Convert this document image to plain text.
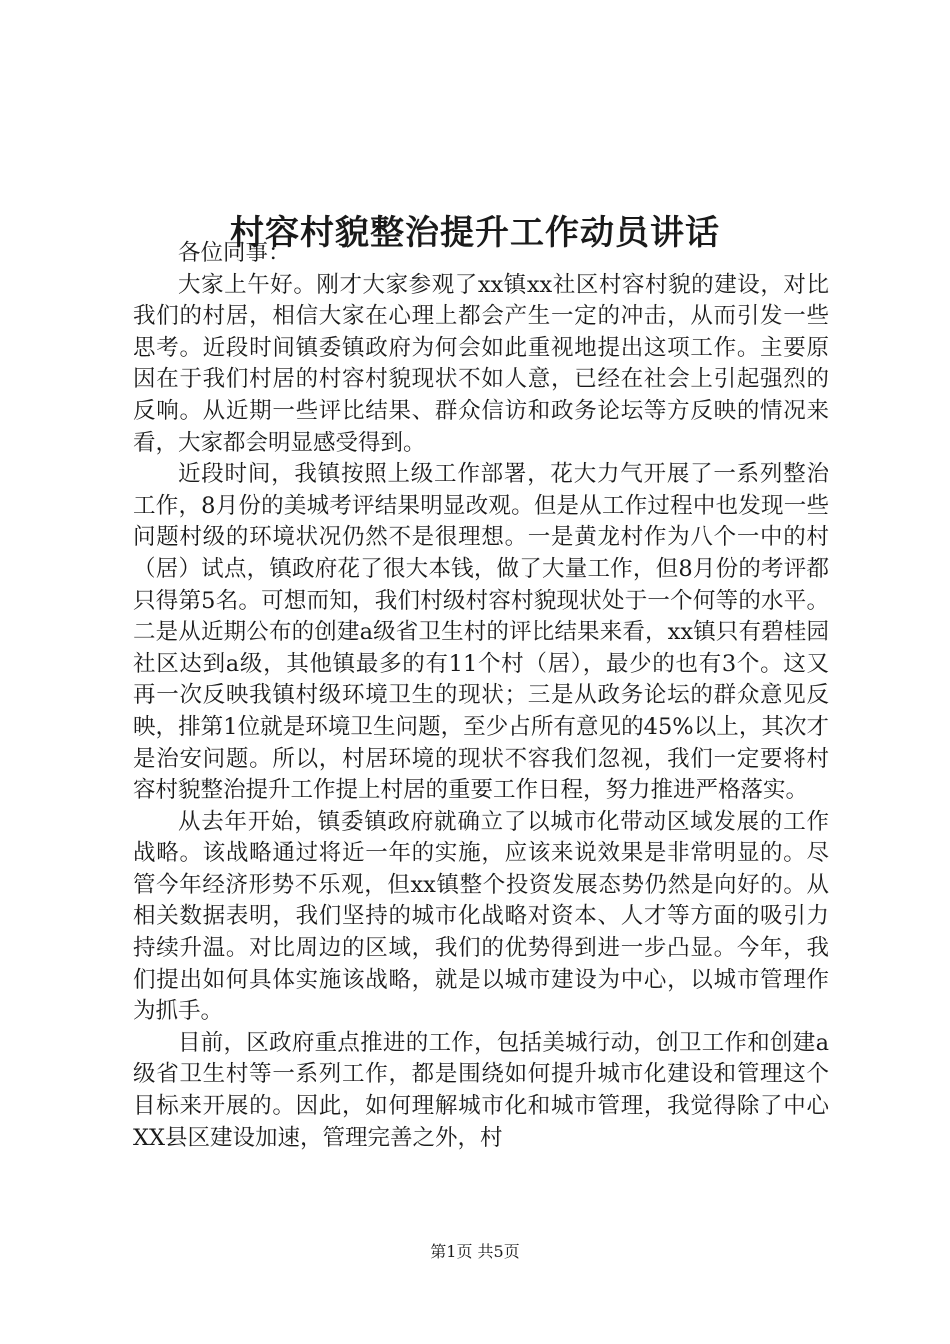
村容村貌整治提升工作动员讲话

各位同事：

大家上午好。刚才大家参观了xx镇xx社区村容村貌的建设，对比我们的村居，相信大家在心理上都会产生一定的冲击，从而引发一些思考。近段时间镇委镇政府为何会如此重视地提出这项工作。主要原因在于我们村居的村容村貌现状不如人意，已经在社会上引起强烈的反响。从近期一些评比结果、群众信访和政务论坛等方反映的情况来看，大家都会明显感受得到。

近段时间，我镇按照上级工作部署，花大力气开展了一系列整治工作，8月份的美城考评结果明显改观。但是从工作过程中也发现一些问题村级的环境状况仍然不是很理想。一是黄龙村作为八个一中的村（居）试点，镇政府花了很大本钱，做了大量工作，但8月份的考评都只得第5名。可想而知，我们村级村容村貌现状处于一个何等的水平。二是从近期公布的创建a级省卫生村的评比结果来看，xx镇只有碧桂园社区达到a级，其他镇最多的有11个村（居），最少的也有3个。这又再一次反映我镇村级环境卫生的现状；三是从政务论坛的群众意见反映，排第1位就是环境卫生问题，至少占所有意见的45%以上，其次才是治安问题。所以，村居环境的现状不容我们忽视，我们一定要将村容村貌整治提升工作提上村居的重要工作日程，努力推进严格落实。

从去年开始，镇委镇政府就确立了以城市化带动区域发展的工作战略。该战略通过将近一年的实施，应该来说效果是非常明显的。尽管今年经济形势不乐观，但xx镇整个投资发展态势仍然是向好的。从相关数据表明，我们坚持的城市化战略对资本、人才等方面的吸引力持续升温。对比周边的区域，我们的优势得到进一步凸显。今年，我们提出如何具体实施该战略，就是以城市建设为中心，以城市管理作为抓手。

目前，区政府重点推进的工作，包括美城行动，创卫工作和创建a级省卫生村等一系列工作，都是围绕如何提升城市化建设和管理这个目标来开展的。因此，如何理解城市化和城市管理，我觉得除了中心XX县区建设加速，管理完善之外，村

第1页 共5页
